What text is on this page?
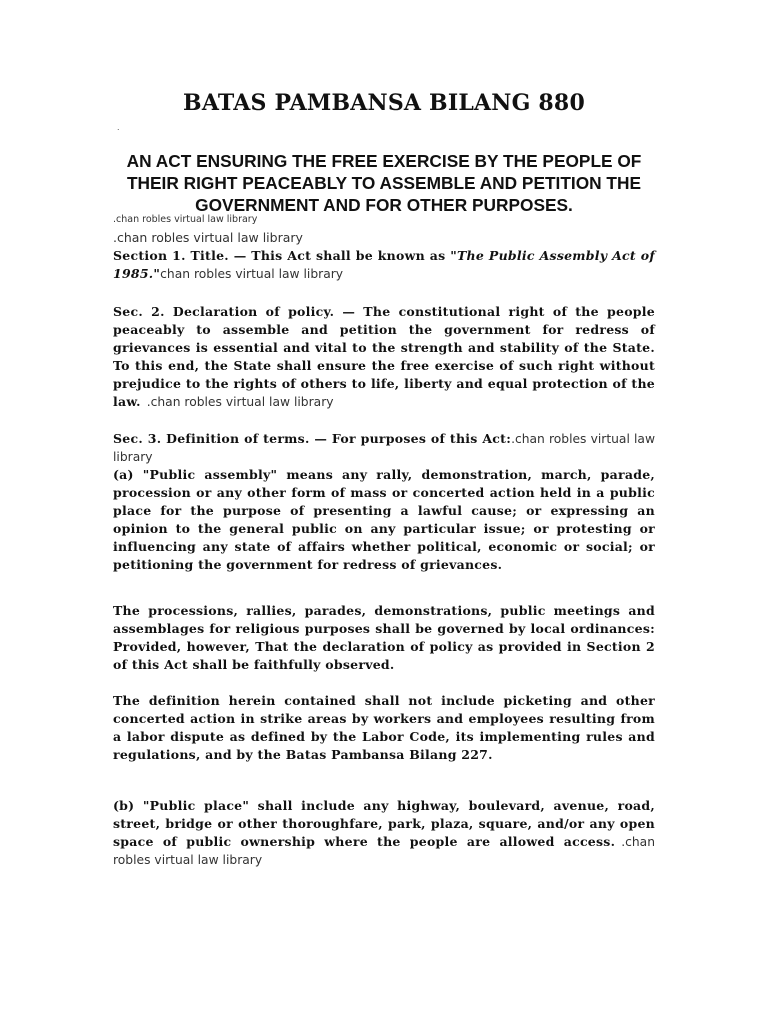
BATAS PAMBANSA BILANG 880
.
AN ACT ENSURING THE FREE EXERCISE BY THE PEOPLE OF THEIR RIGHT PEACEABLY TO ASSEMBLE AND PETITION THE GOVERNMENT AND FOR OTHER PURPOSES.
.chan robles virtual law library
.chan robles virtual law library
Section 1. Title. — This Act shall be known as "The Public Assembly Act of 1985."chan robles virtual law library
Sec. 2. Declaration of policy. — The constitutional right of the people peaceably to assemble and petition the government for redress of grievances is essential and vital to the strength and stability of the State. To this end, the State shall ensure the free exercise of such right without prejudice to the rights of others to life, liberty and equal protection of the law. .chan robles virtual law library
Sec. 3. Definition of terms. — For purposes of this Act:.chan robles virtual law library
(a) "Public assembly" means any rally, demonstration, march, parade, procession or any other form of mass or concerted action held in a public place for the purpose of presenting a lawful cause; or expressing an opinion to the general public on any particular issue; or protesting or influencing any state of affairs whether political, economic or social; or petitioning the government for redress of grievances.
The processions, rallies, parades, demonstrations, public meetings and assemblages for religious purposes shall be governed by local ordinances: Provided, however, That the declaration of policy as provided in Section 2 of this Act shall be faithfully observed.
The definition herein contained shall not include picketing and other concerted action in strike areas by workers and employees resulting from a labor dispute as defined by the Labor Code, its implementing rules and regulations, and by the Batas Pambansa Bilang 227.
(b) "Public place" shall include any highway, boulevard, avenue, road, street, bridge or other thoroughfare, park, plaza, square, and/or any open space of public ownership where the people are allowed access. .chan robles virtual law library
